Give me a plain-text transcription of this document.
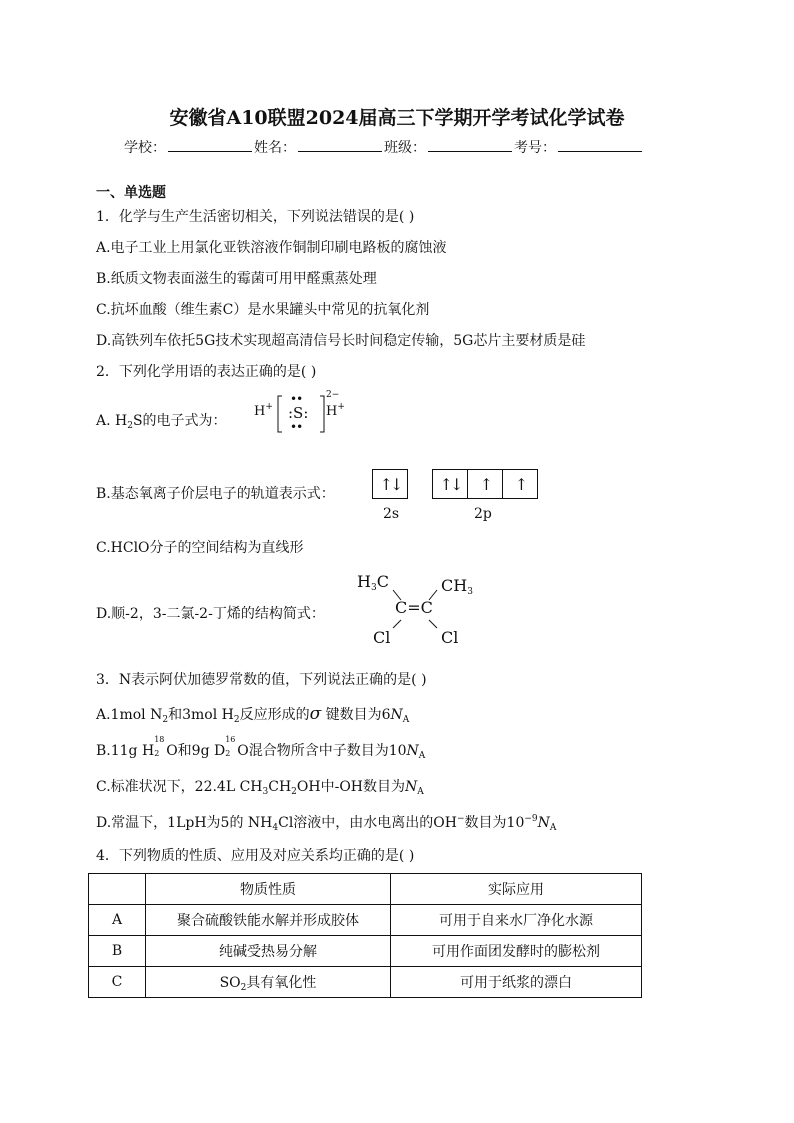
安徽省A10联盟2024届高三下学期开学考试化学试卷
学校：	姓名：	班级：	考号：
一、单选题
1．化学与生产生活密切相关，下列说法错误的是( )
A.电子工业上用氯化亚铁溶液作铜制印刷电路板的腐蚀液
B.纸质文物表面滋生的霉菌可用甲醛熏蒸处理
C.抗坏血酸（维生素C）是水果罐头中常见的抗氧化剂
D.高铁列车依托5G技术实现超高清信号长时间稳定传输，5G芯片主要材质是硅
2．下列化学用语的表达正确的是( )
A. $H_2S$的电子式为：
H+ :S:
••
••
2−
H+
B.基态氧离子价层电子的轨道表示式：
↑↓	↑↓	↑	↑
2s	2p
C.HClO分子的空间结构为直线形
D.顺-2，3-二氯-2-丁烯的结构简式：
$H_3C$	$CH_3$
C=C
Cl	Cl
3．N表示阿伏加德罗常数的值，下列说法正确的是( )
A.1mol $N_2$和3mol $H_2$反应形成的σ 键数目为$6N_A$
B.11g H
18
2 O和9g D
16
2 O混合物所含中子数目为$10N_A$
C.标准状况下，22.4L $CH_3CH_2OH$中-OH数目为$N_A$
D.常温下，1LpH为5的 $NH_4Cl$溶液中，由水电离出的OH−数目为$10^{-9}N_A$
4．下列物质的性质、应用及对应关系均正确的是( )
	物质性质	实际应用
A	聚合硫酸铁能水解并形成胶体	可用于自来水厂净化水源
B	纯碱受热易分解	可用作面团发酵时的膨松剂
C	$SO_2$具有氧化性	可用于纸浆的漂白
